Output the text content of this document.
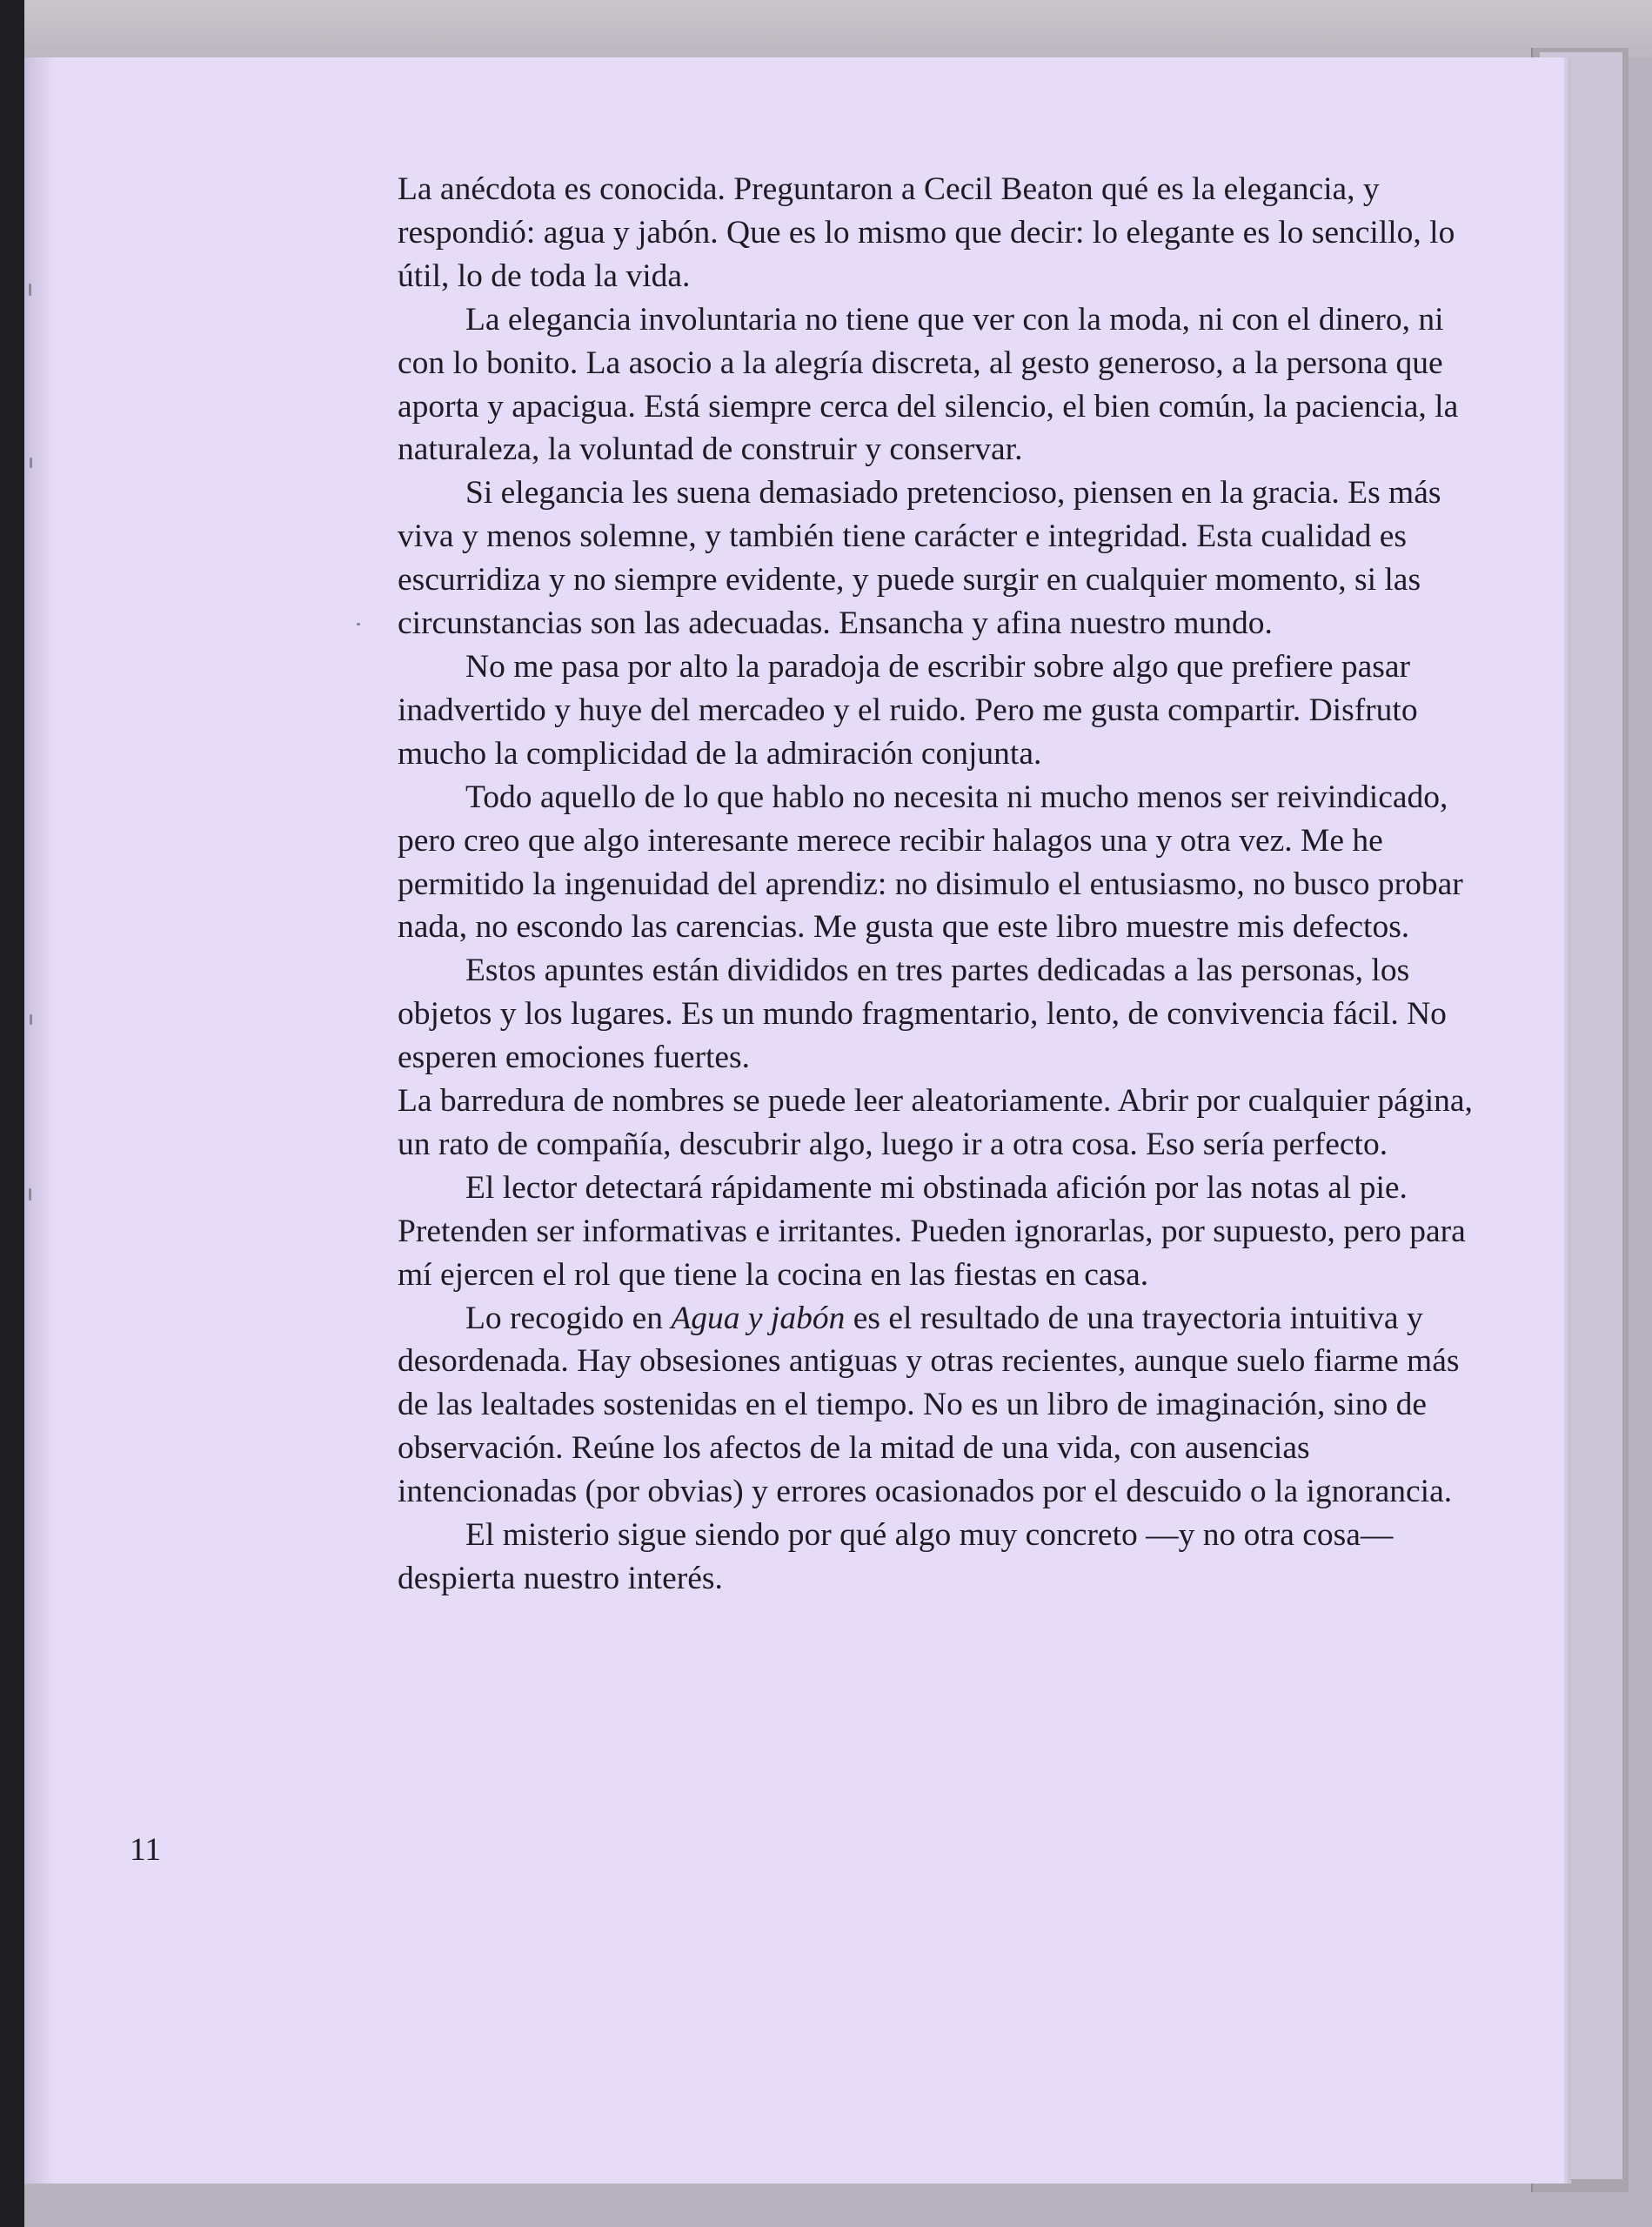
La anécdota es conocida. Preguntaron a Cecil Beaton qué es la elegancia, y respondió: agua y jabón. Que es lo mismo que decir: lo elegante es lo sencillo, lo útil, lo de toda la vida.

La elegancia involuntaria no tiene que ver con la moda, ni con el dinero, ni con lo bonito. La asocio a la alegría discreta, al gesto generoso, a la persona que aporta y apacigua. Está siempre cerca del silencio, el bien común, la paciencia, la naturaleza, la voluntad de construir y conservar.

Si elegancia les suena demasiado pretencioso, piensen en la gracia. Es más viva y menos solemne, y también tiene carácter e integridad. Esta cualidad es escurridiza y no siempre evidente, y puede surgir en cualquier momento, si las circunstancias son las adecuadas. Ensancha y afina nuestro mundo.

No me pasa por alto la paradoja de escribir sobre algo que prefiere pasar inadvertido y huye del mercadeo y el ruido. Pero me gusta compartir. Disfruto mucho la complicidad de la admiración conjunta.

Todo aquello de lo que hablo no necesita ni mucho menos ser reivindicado, pero creo que algo interesante merece recibir halagos una y otra vez. Me he permitido la ingenuidad del aprendiz: no disimulo el entusiasmo, no busco probar nada, no escondo las carencias. Me gusta que este libro muestre mis defectos.

Estos apuntes están divididos en tres partes dedicadas a las personas, los objetos y los lugares. Es un mundo fragmentario, lento, de convivencia fácil. No esperen emociones fuertes.

La barredura de nombres se puede leer aleatoriamente. Abrir por cualquier página, un rato de compañía, descubrir algo, luego ir a otra cosa. Eso sería perfecto.

El lector detectará rápidamente mi obstinada afición por las notas al pie. Pretenden ser informativas e irritantes. Pueden ignorarlas, por supuesto, pero para mí ejercen el rol que tiene la cocina en las fiestas en casa.

Lo recogido en Agua y jabón es el resultado de una trayectoria intuitiva y desordenada. Hay obsesiones antiguas y otras recientes, aunque suelo fiarme más de las lealtades sostenidas en el tiempo. No es un libro de imaginación, sino de observación. Reúne los afectos de la mitad de una vida, con ausencias intencionadas (por obvias) y errores ocasionados por el descuido o la ignorancia.

El misterio sigue siendo por qué algo muy concreto —y no otra cosa— despierta nuestro interés.

11
